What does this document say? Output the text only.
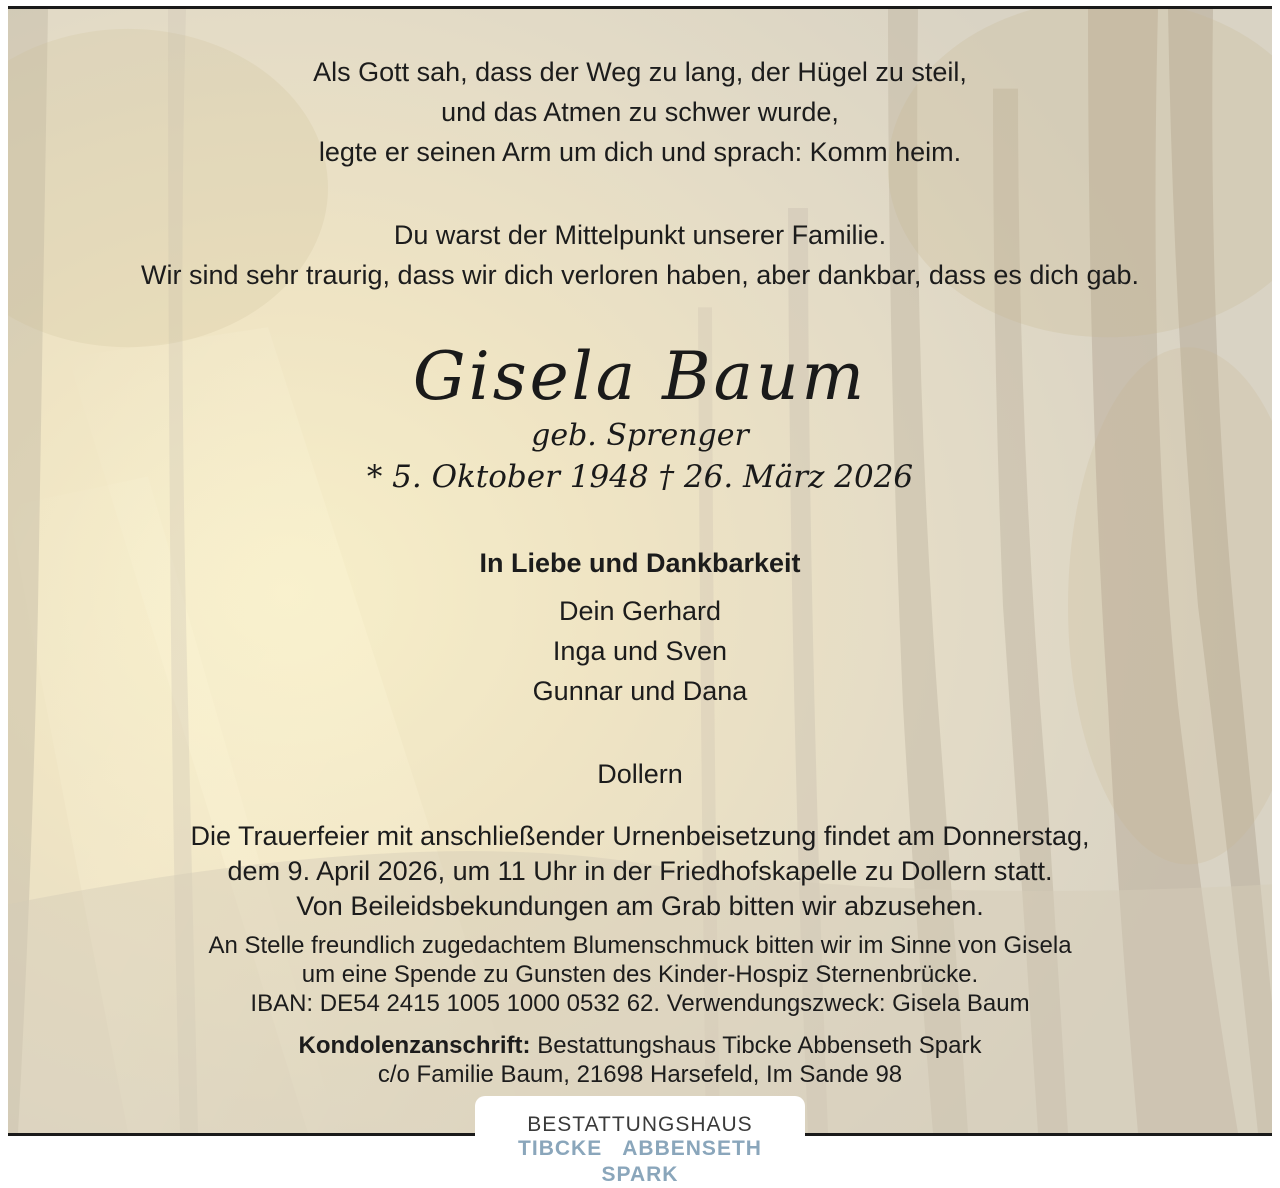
Als Gott sah, dass der Weg zu lang, der Hügel zu steil,
und das Atmen zu schwer wurde,
legte er seinen Arm um dich und sprach: Komm heim.
Du warst der Mittelpunkt unserer Familie.
Wir sind sehr traurig, dass wir dich verloren haben, aber dankbar, dass es dich gab.
Gisela Baum
geb. Sprenger
* 5. Oktober 1948 † 26. März 2026
In Liebe und Dankbarkeit
Dein Gerhard
Inga und Sven
Gunnar und Dana
Dollern
Die Trauerfeier mit anschließender Urnenbeisetzung findet am Donnerstag,
dem 9. April 2026, um 11 Uhr in der Friedhofskapelle zu Dollern statt.
Von Beileidsbekundungen am Grab bitten wir abzusehen.
An Stelle freundlich zugedachtem Blumenschmuck bitten wir im Sinne von Gisela
um eine Spende zu Gunsten des Kinder-Hospiz Sternenbrücke.
IBAN: DE54 2415 1005 1000 0532 62. Verwendungszweck: Gisela Baum
Kondolenzanschrift: Bestattungshaus Tibcke Abbenseth Spark
c/o Familie Baum, 21698 Harsefeld, Im Sande 98
BESTATTUNGSHAUS
TIBCKE ABBENSETH SPARK
